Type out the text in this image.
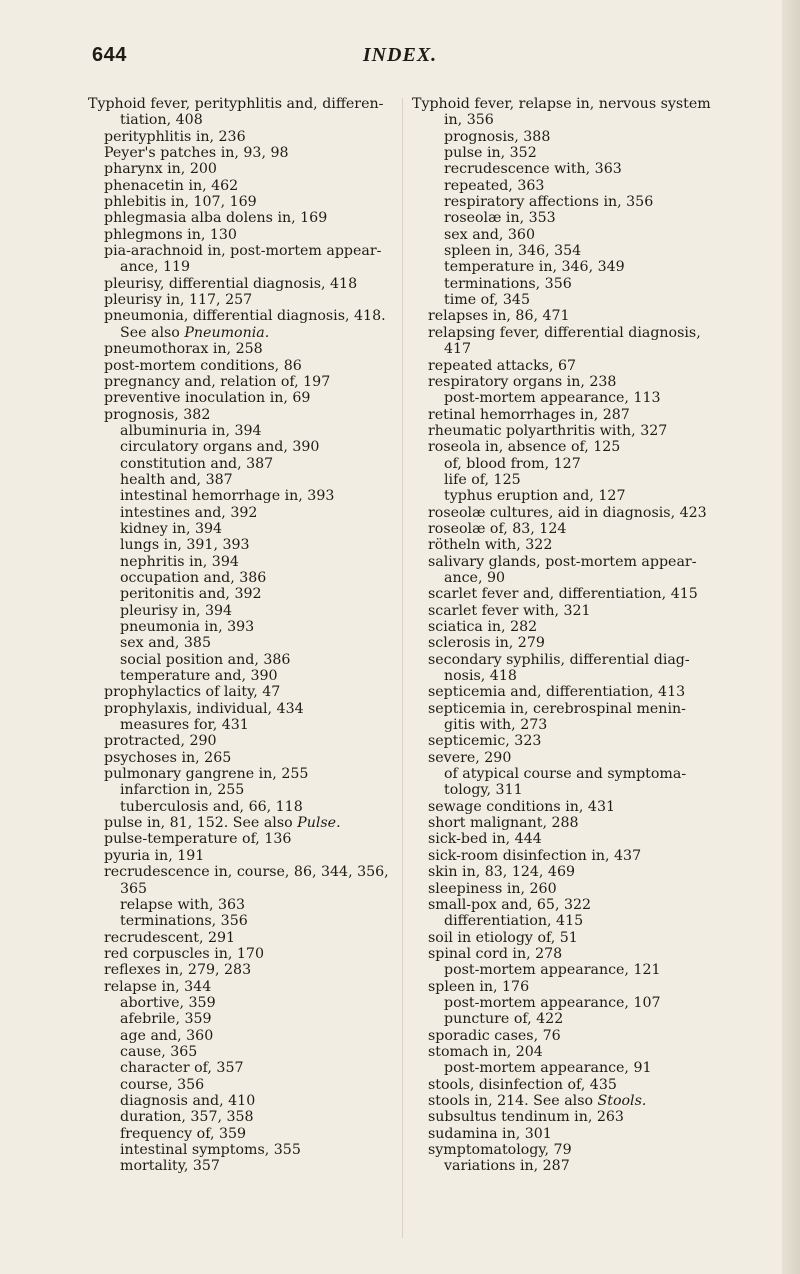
644	INDEX.
Typhoid fever, perityphlitis and, differen-
tiation, 408
perityphlitis in, 236
Peyer's patches in, 93, 98
pharynx in, 200
phenacetin in, 462
phlebitis in, 107, 169
phlegmasia alba dolens in, 169
phlegmons in, 130
pia-arachnoid in, post-mortem appear-
ance, 119
pleurisy, differential diagnosis, 418
pleurisy in, 117, 257
pneumonia, differential diagnosis, 418.
See also Pneumonia.
pneumothorax in, 258
post-mortem conditions, 86
pregnancy and, relation of, 197
preventive inoculation in, 69
prognosis, 382
albuminuria in, 394
circulatory organs and, 390
constitution and, 387
health and, 387
intestinal hemorrhage in, 393
intestines and, 392
kidney in, 394
lungs in, 391, 393
nephritis in, 394
occupation and, 386
peritonitis and, 392
pleurisy in, 394
pneumonia in, 393
sex and, 385
social position and, 386
temperature and, 390
prophylactics of laity, 47
prophylaxis, individual, 434
measures for, 431
protracted, 290
psychoses in, 265
pulmonary gangrene in, 255
infarction in, 255
tuberculosis and, 66, 118
pulse in, 81, 152. See also Pulse.
pulse-temperature of, 136
pyuria in, 191
recrudescence in, course, 86, 344, 356,
365
relapse with, 363
terminations, 356
recrudescent, 291
red corpuscles in, 170
reflexes in, 279, 283
relapse in, 344
abortive, 359
afebrile, 359
age and, 360
cause, 365
character of, 357
course, 356
diagnosis and, 410
duration, 357, 358
frequency of, 359
intestinal symptoms, 355
mortality, 357
Typhoid fever, relapse in, nervous system
in, 356
prognosis, 388
pulse in, 352
recrudescence with, 363
repeated, 363
respiratory affections in, 356
roseolæ in, 353
sex and, 360
spleen in, 346, 354
temperature in, 346, 349
terminations, 356
time of, 345
relapses in, 86, 471
relapsing fever, differential diagnosis,
417
repeated attacks, 67
respiratory organs in, 238
post-mortem appearance, 113
retinal hemorrhages in, 287
rheumatic polyarthritis with, 327
roseola in, absence of, 125
of, blood from, 127
life of, 125
typhus eruption and, 127
roseolæ cultures, aid in diagnosis, 423
roseolæ of, 83, 124
rötheln with, 322
salivary glands, post-mortem appear-
ance, 90
scarlet fever and, differentiation, 415
scarlet fever with, 321
sciatica in, 282
sclerosis in, 279
secondary syphilis, differential diag-
nosis, 418
septicemia and, differentiation, 413
septicemia in, cerebrospinal menin-
gitis with, 273
septicemic, 323
severe, 290
of atypical course and symptoma-
tology, 311
sewage conditions in, 431
short malignant, 288
sick-bed in, 444
sick-room disinfection in, 437
skin in, 83, 124, 469
sleepiness in, 260
small-pox and, 65, 322
differentiation, 415
soil in etiology of, 51
spinal cord in, 278
post-mortem appearance, 121
spleen in, 176
post-mortem appearance, 107
puncture of, 422
sporadic cases, 76
stomach in, 204
post-mortem appearance, 91
stools, disinfection of, 435
stools in, 214. See also Stools.
subsultus tendinum in, 263
sudamina in, 301
symptomatology, 79
variations in, 287
